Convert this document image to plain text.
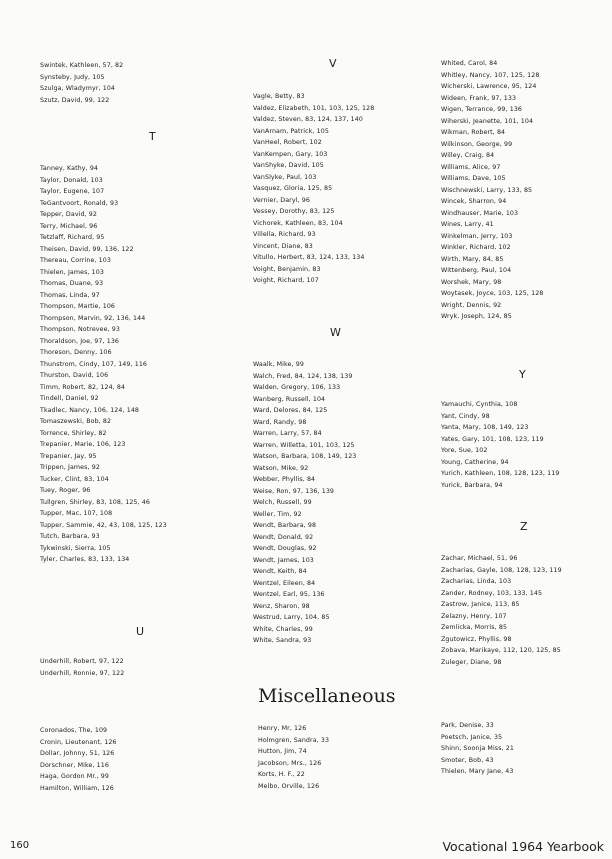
Swintek, Kathleen, 57, 82

Synsteby, Judy, 105

Szulga, Wladymyr, 104

Szutz, David, 99, 122

T

Tanney, Kathy, 94

Taylor, Donald, 103

Taylor, Eugene, 107

TeGantvoort, Ronald, 93

Tepper, David, 92

Terry, Michael, 96

Tetzlaff, Richard, 95

Theisen, David, 99, 136, 122

Thereau, Corrine, 103

Thielen, James, 103

Thomas, Duane, 93

Thomas, Linda, 97

Thompson, Martie, 106

Thompson, Marvin, 92, 136, 144

Thompson, Notrevee, 93

Thoraldson, Joe, 97, 136

Thoreson, Denny, 106

Thunstrom, Cindy, 107, 149, 116

Thurston, David, 106

Timm, Robert, 82, 124, 84

Tindell, Daniel, 92

Tkadlec, Nancy, 106, 124, 148

Tomaszewski, Bob, 82

Torrence, Shirley, 82

Trepanier, Marie, 106, 123

Trepanier, Jay, 95

Trippen, James, 92

Tucker, Clint, 83, 104

Tuey, Roger, 96

Tullgren, Shirley, 83, 108, 125, 46

Tupper, Mac, 107, 108

Tupper, Sammie, 42, 43, 108, 125, 123

Tutch, Barbara, 93

Tykwinski, Sierra, 105

Tyler, Charles, 83, 133, 134

U

Underhill, Robert, 97, 122

Underhill, Ronnie, 97, 122

Coronados, The, 109

Cronin, Lieutenant, 126

Dollar, Johnny, 51, 126

Dorschner, Mike, 116

Haga, Gordon Mr., 99

Hamilton, William, 126

V

Vagle, Betty, 83

Valdez, Elizabeth, 101, 103, 125, 128

Valdez, Steven, 83, 124, 137, 140

VanArnam, Patrick, 105

VanHeel, Robert, 102

VanKempen, Gary, 103

VanShyke, David, 105

VanSlyke, Paul, 103

Vasquez, Gloria, 125, 85

Vernier, Daryl, 96

Vessey, Dorothy, 83, 125

Vichorek, Kathleen, 83, 104

Villella, Richard, 93

Vincent, Diane, 83

Vitullo, Herbert, 83, 124, 133, 134

Voight, Benjamin, 83

Voight, Richard, 107

W

Waalk, Mike, 99

Walch, Fred, 84, 124, 138, 139

Walden, Gregory, 106, 133

Wanberg, Russell, 104

Ward, Delores, 84, 125

Ward, Randy, 98

Warren, Larry, 57, 84

Warren, Willetta, 101, 103, 125

Watson, Barbara, 108, 149, 123

Watson, Mike, 92

Webber, Phyllis, 84

Weise, Ron, 97, 136, 139

Welch, Russell, 99

Weller, Tim, 92

Wendt, Barbara, 98

Wendt, Donald, 92

Wendt, Douglas, 92

Wendt, James, 103

Wendt, Keith, 84

Wentzel, Eileen, 84

Wentzel, Earl, 95, 136

Wenz, Sharon, 98

Westrud, Larry, 104, 85

White, Charles, 99

White, Sandra, 93

Miscellaneous

Henry, Mr, 126

Holmgren, Sandra, 33

Hutton, Jim, 74

Jacobson, Mrs., 126

Korts, H. F., 22

Melbo, Orville, 126

Whited, Carol, 84

Whitley, Nancy, 107, 125, 128

Wicherski, Lawrence, 95, 124

Wideen, Frank, 97, 133

Wigen, Terrance, 99, 136

Wiherski, Jeanette, 101, 104

Wikman, Robert, 84

Wilkinson, George, 99

Willey, Craig, 84

Williams, Alice, 97

Williams, Dave, 105

Wischnewski, Larry, 133, 85

Wincek, Sharron, 94

Windhauser, Marie, 103

Wines, Larry, 41

Winkelman, Jerry, 103

Winkler, Richard, 102

Wirth, Mary, 84, 85

Wittenberg, Paul, 104

Worshek, Mary, 98

Woytasek, Joyce, 103, 125, 128

Wright, Dennis, 92

Wryk, Joseph, 124, 85

Y

Yamauchi, Cynthia, 108

Yant, Cindy, 98

Yanta, Mary, 108, 149, 123

Yates, Gary, 101, 108, 123, 119

Yore, Sue, 102

Young, Catherine, 94

Yurich, Kathleen, 108, 128, 123, 119

Yurick, Barbara, 94

Z

Zachar, Michael, 51, 96

Zacharias, Gayle, 108, 128, 123, 119

Zacharias, Linda, 103

Zander, Rodney, 103, 133, 145

Zastrow, Janice, 113, 85

Zelazny, Henry, 107

Zemlicka, Morris, 85

Zgutowicz, Phyllis, 98

Zobava, Marikaye, 112, 120, 125, 85

Zuleger, Diane, 98

Park, Denise, 33

Poetsch, Janice, 35

Shinn, Soonja Miss, 21

Smoter, Bob, 43

Thielen, Mary Jane, 43

160	Vocational 1964 Yearbook
